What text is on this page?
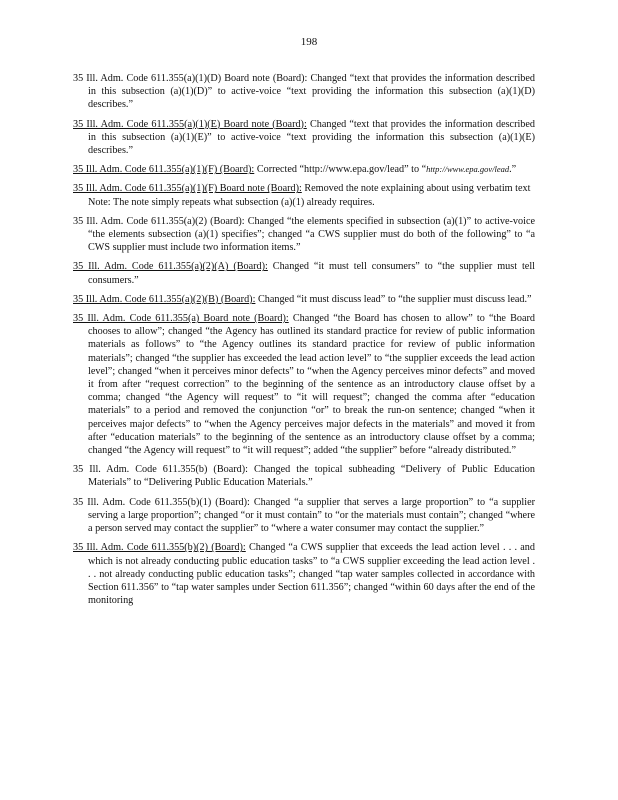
198
35 Ill. Adm. Code 611.355(a)(1)(D) Board note (Board): Changed “text that provides the information described in this subsection (a)(1)(D)” to active-voice “text providing the information this subsection (a)(1)(D) describes.”
35 Ill. Adm. Code 611.355(a)(1)(E) Board note (Board): Changed “text that provides the information described in this subsection (a)(1)(E)” to active-voice “text providing the information this subsection (a)(1)(E) describes.”
35 Ill. Adm. Code 611.355(a)(1)(F) (Board): Corrected “http://www.epa.gov/lead” to “http://www.epa.gov/lead.”
35 Ill. Adm. Code 611.355(a)(1)(F) Board note (Board): Removed the note explaining about using verbatim text
Note: The note simply repeats what subsection (a)(1) already requires.
35 Ill. Adm. Code 611.355(a)(2) (Board): Changed “the elements specified in subsection (a)(1)” to active-voice “the elements subsection (a)(1) specifies”; changed “a CWS supplier must do both of the following” to “a CWS supplier must include two information items.”
35 Ill. Adm. Code 611.355(a)(2)(A) (Board): Changed “it must tell consumers” to “the supplier must tell consumers.”
35 Ill. Adm. Code 611.355(a)(2)(B) (Board): Changed “it must discuss lead” to “the supplier must discuss lead.”
35 Ill. Adm. Code 611.355(a) Board note (Board): Changed “the Board has chosen to allow” to “the Board chooses to allow”; changed “the Agency has outlined its standard practice for review of public information materials as follows” to “the Agency outlines its standard practice for review of public information materials”; changed “the supplier has exceeded the lead action level” to “the supplier exceeds the lead action level”; changed “when it perceives minor defects” to “when the Agency perceives minor defects” and moved it from after “request correction” to the beginning of the sentence as an introductory clause offset by a comma; changed “the Agency will request” to “it will request”; changed the comma after “education materials” to a period and removed the conjunction “or” to break the run-on sentence; changed “when it perceives major defects” to “when the Agency perceives major defects in the materials” and moved it from after “education materials” to the beginning of the sentence as an introductory clause offset by a comma; changed “the Agency will request” to “it will request”; added “the supplier” before “already distributed.”
35 Ill. Adm. Code 611.355(b) (Board): Changed the topical subheading “Delivery of Public Education Materials” to “Delivering Public Education Materials.”
35 Ill. Adm. Code 611.355(b)(1) (Board): Changed “a supplier that serves a large proportion” to “a supplier serving a large proportion”; changed “or it must contain” to “or the materials must contain”; changed “where a person served may contact the supplier” to “where a water consumer may contact the supplier.”
35 Ill. Adm. Code 611.355(b)(2) (Board): Changed “a CWS supplier that exceeds the lead action level . . . and which is not already conducting public education tasks” to “a CWS supplier exceeding the lead action level . . . not already conducting public education tasks”; changed “tap water samples collected in accordance with Section 611.356” to “tap water samples under Section 611.356”; changed “within 60 days after the end of the monitoring
